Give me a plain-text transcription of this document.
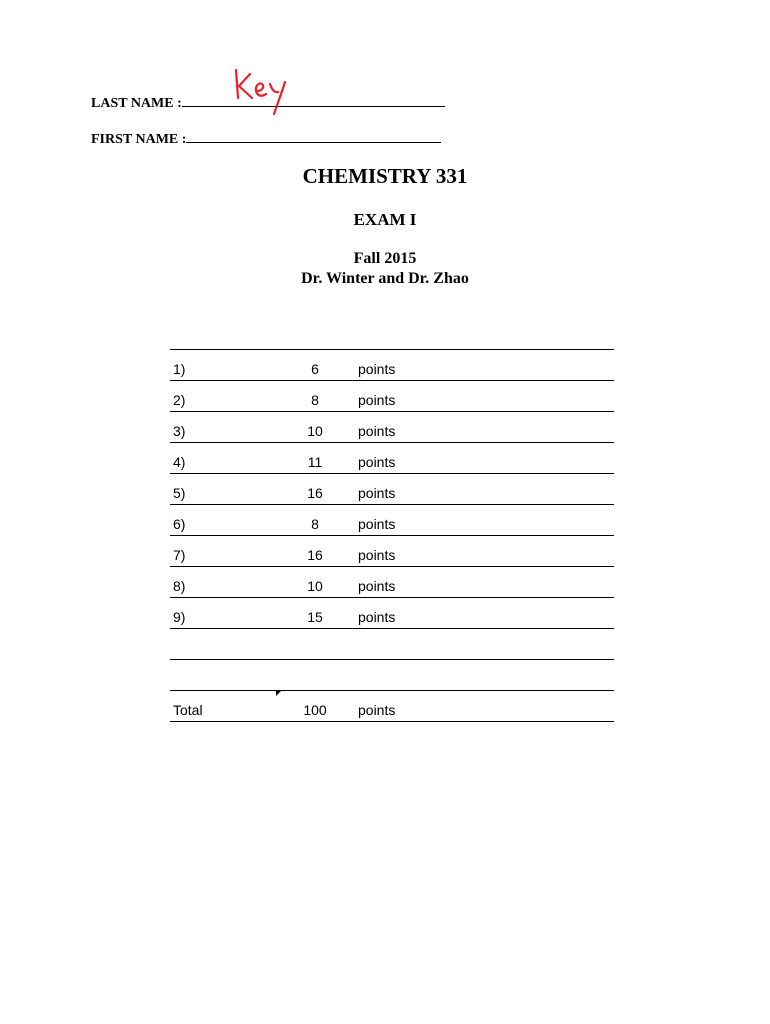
LAST NAME :
FIRST NAME :
CHEMISTRY 331
EXAM I
Fall 2015
Dr. Winter and Dr. Zhao
1)	6	points
2)	8	points
3)	10	points
4)	11	points
5)	16	points
6)	8	points
7)	16	points
8)	10	points
9)	15	points
Total	100	points
